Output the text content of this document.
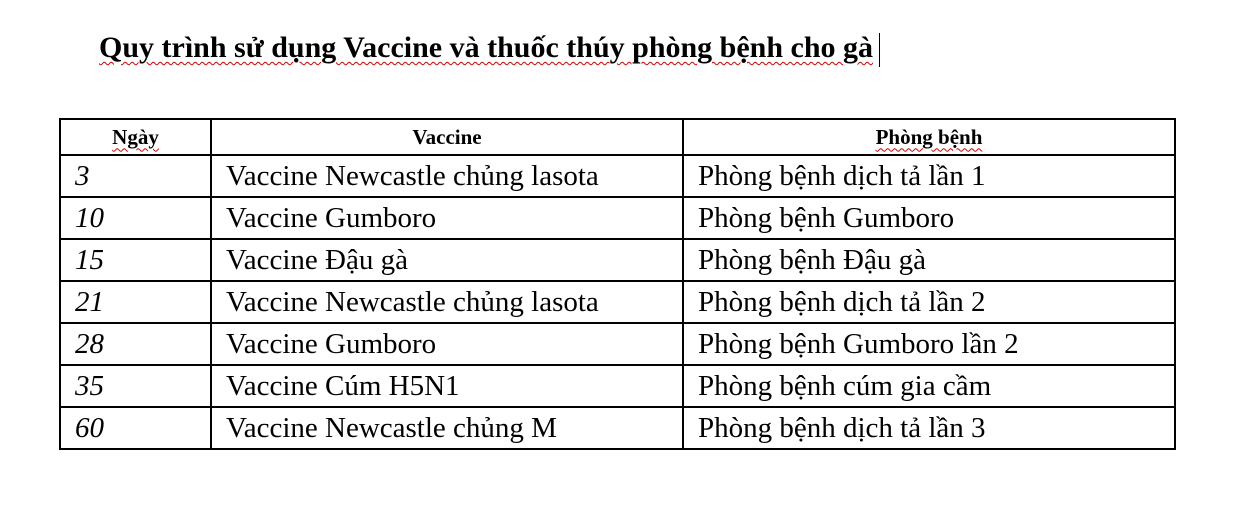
Quy trình sử dụng Vaccine và thuốc thúy phòng bệnh cho gà
Ngày	Vaccine	Phòng bệnh
3	Vaccine Newcastle chủng lasota	Phòng bệnh dịch tả lần 1
10	Vaccine Gumboro	Phòng bệnh Gumboro
15	Vaccine Đậu gà	Phòng bệnh Đậu gà
21	Vaccine Newcastle chủng lasota	Phòng bệnh dịch tả lần 2
28	Vaccine Gumboro	Phòng bệnh Gumboro lần 2
35	Vaccine Cúm H5N1	Phòng bệnh cúm gia cầm
60	Vaccine Newcastle chủng M	Phòng bệnh dịch tả lần 3
